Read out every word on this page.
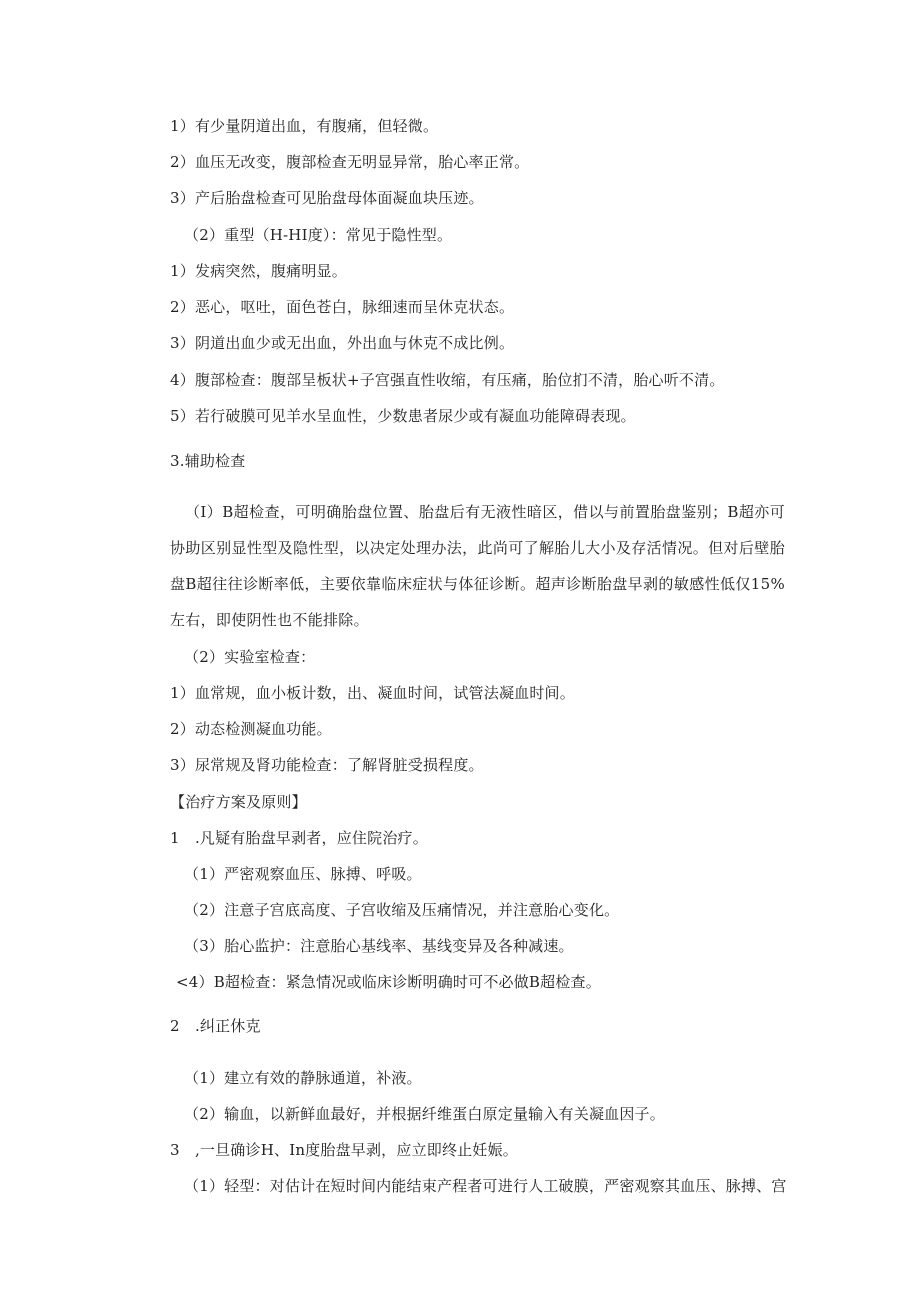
1）有少量阴道出血，有腹痛，但轻微。
2）血压无改变，腹部检查无明显异常，胎心率正常。
3）产后胎盘检查可见胎盘母体面凝血块压迹。
（2）重型（H-HI度）：常见于隐性型。
1）发病突然，腹痛明显。
2）恶心，呕吐，面色苍白，脉细速而呈休克状态。
3）阴道出血少或无出血，外出血与休克不成比例。
4）腹部检查：腹部呈板状+子宫强直性收缩，有压痛，胎位扪不清，胎心听不清。
5）若行破膜可见羊水呈血性，少数患者尿少或有凝血功能障碍表现。
3.辅助检查
（I）B超检查，可明确胎盘位置、胎盘后有无液性暗区，借以与前置胎盘鉴别；B超亦可协助区别显性型及隐性型，以决定处理办法，此尚可了解胎儿大小及存活情况。但对后壁胎盘B超往往诊断率低，主要依靠临床症状与体征诊断。超声诊断胎盘早剥的敏感性低仅15%左右，即使阴性也不能排除。
（2）实验室检查：
1）血常规，血小板计数，出、凝血时间，试管法凝血时间。
2）动态检测凝血功能。
3）尿常规及肾功能检查：了解肾脏受损程度。
【治疗方案及原则】
1　.凡疑有胎盘早剥者，应住院治疗。
（1）严密观察血压、脉搏、呼吸。
（2）注意子宫底高度、子宫收缩及压痛情况，并注意胎心变化。
（3）胎心监护：注意胎心基线率、基线变异及各种减速。
<4）B超检查：紧急情况或临床诊断明确时可不必做B超检查。
2　.纠正休克
（1）建立有效的静脉通道，补液。
（2）输血，以新鲜血最好，并根据纤维蛋白原定量输入有关凝血因子。
3　,一旦确诊H、In度胎盘早剥，应立即终止妊娠。
（1）轻型：对估计在短时间内能结束产程者可进行人工破膜，严密观察其血压、脉搏、宫
